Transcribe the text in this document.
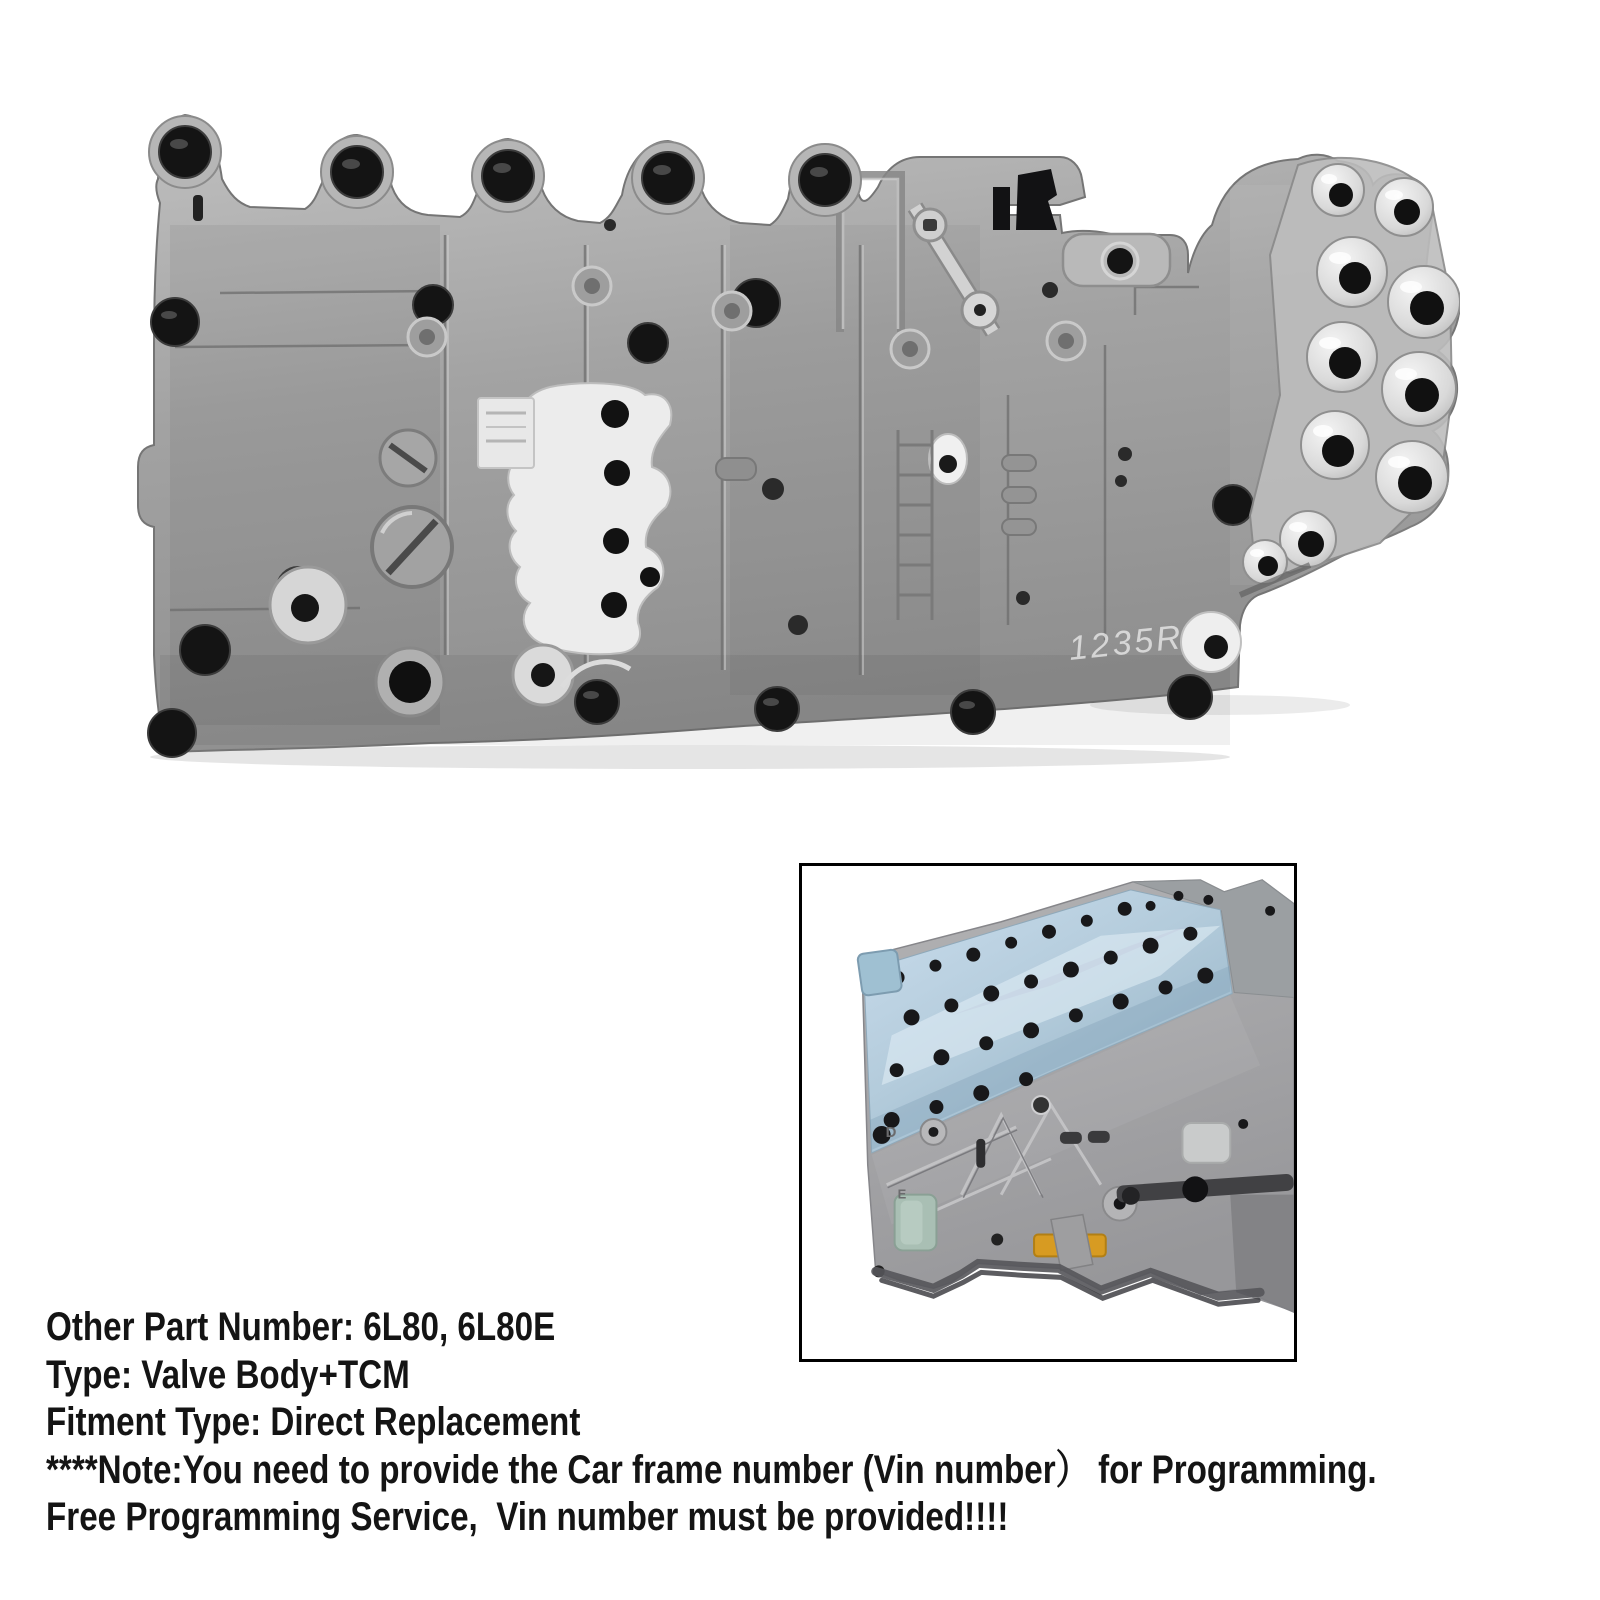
1235R
D
E

Other Part Number: 6L80, 6L80E

Type: Valve Body+TCM

Fitment Type: Direct Replacement

****Note:You need to provide the Car frame number (Vin number） for Programming.

Free Programming Service,  Vin number must be provided!!!!
